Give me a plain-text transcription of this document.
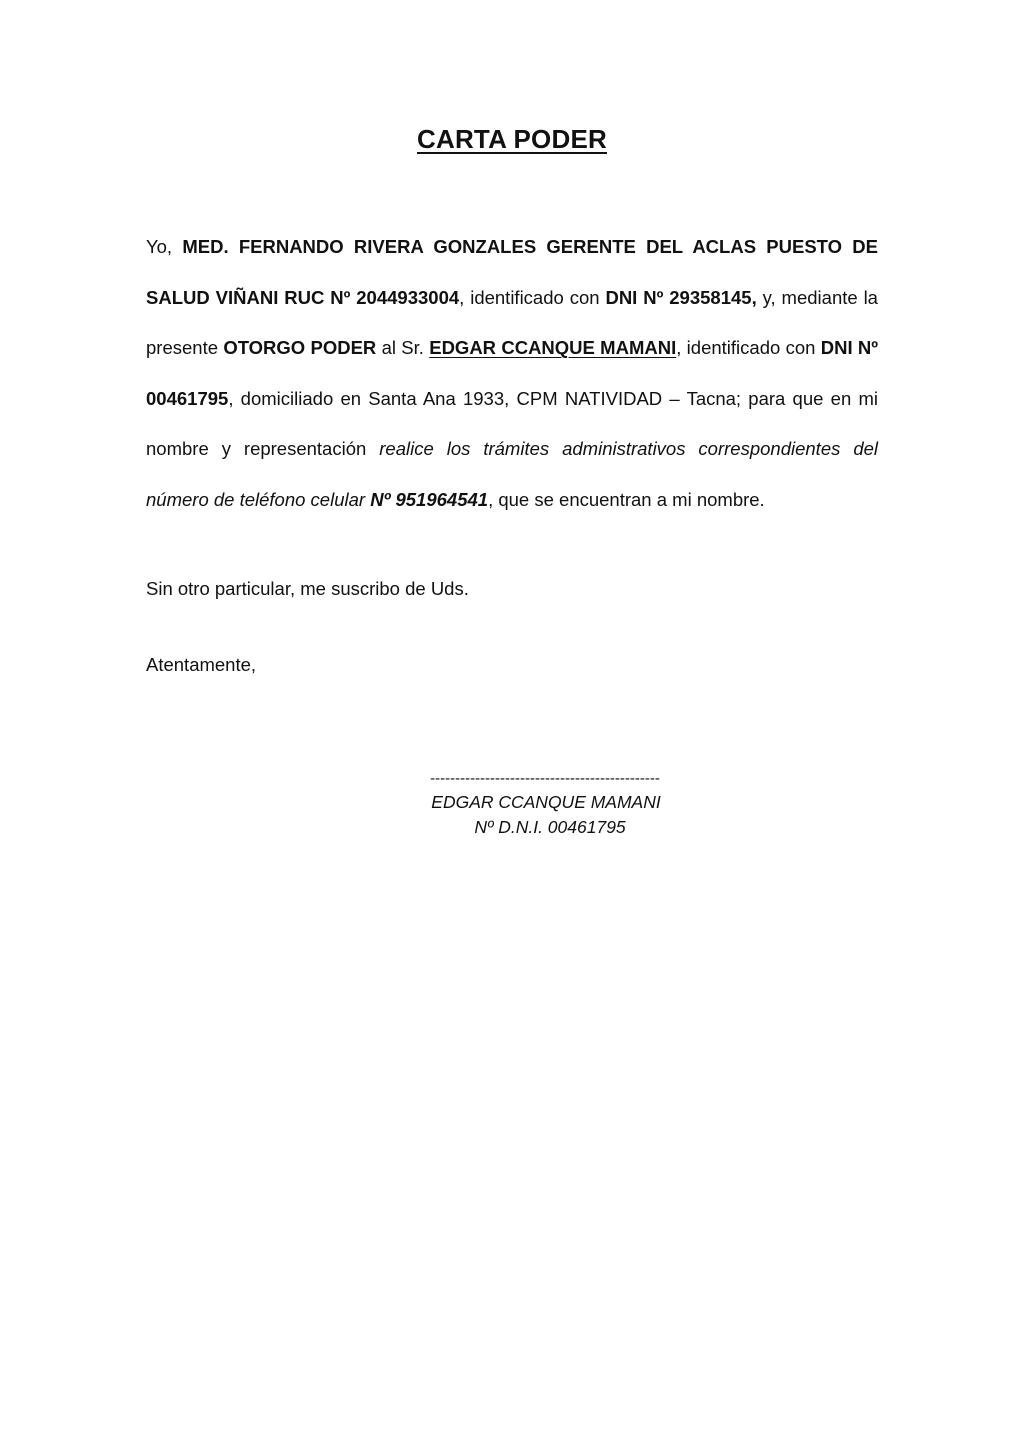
CARTA PODER

Yo, MED. FERNANDO RIVERA GONZALES GERENTE DEL ACLAS PUESTO DE SALUD VIÑANI RUC Nº 2044933004, identificado con DNI Nº 29358145, y, mediante la presente OTORGO PODER al Sr. EDGAR CCANQUE MAMANI, identificado con DNI Nº 00461795, domiciliado en Santa Ana 1933, CPM NATIVIDAD – Tacna; para que en mi nombre y representación realice los trámites administrativos correspondientes del número de teléfono celular Nº 951964541, que se encuentran a mi nombre.

Sin otro particular, me suscribo de Uds.

Atentamente,

----------------------------------------------
EDGAR CCANQUE MAMANI
Nº D.N.I. 00461795
